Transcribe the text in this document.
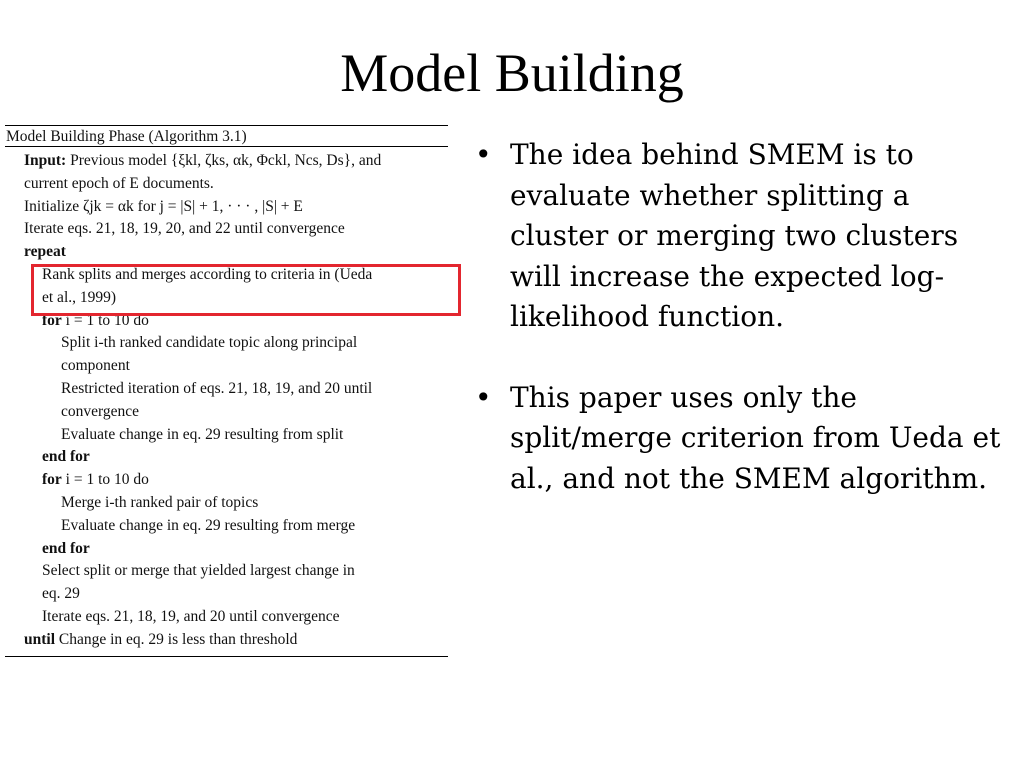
Model Building
Model Building Phase (Algorithm 3.1)
Input: Previous model {ξkl, ζks, αk, Φckl, Ncs, Ds}, and
current epoch of E documents.
Initialize ζjk = αk for j = |S| + 1, · · · , |S| + E
Iterate eqs. 21, 18, 19, 20, and 22 until convergence
repeat
Rank splits and merges according to criteria in (Ueda
et al., 1999)
for i = 1 to 10 do
Split i-th ranked candidate topic along principal
component
Restricted iteration of eqs. 21, 18, 19, and 20 until
convergence
Evaluate change in eq. 29 resulting from split
end for
for i = 1 to 10 do
Merge i-th ranked pair of topics
Evaluate change in eq. 29 resulting from merge
end for
Select split or merge that yielded largest change in
eq. 29
Iterate eqs. 21, 18, 19, and 20 until convergence
until Change in eq. 29 is less than threshold
• The idea behind SMEM is to evaluate whether splitting a cluster or merging two clusters will increase the expected log-likelihood function.
• This paper uses only the split/merge criterion from Ueda et al., and not the SMEM algorithm.
